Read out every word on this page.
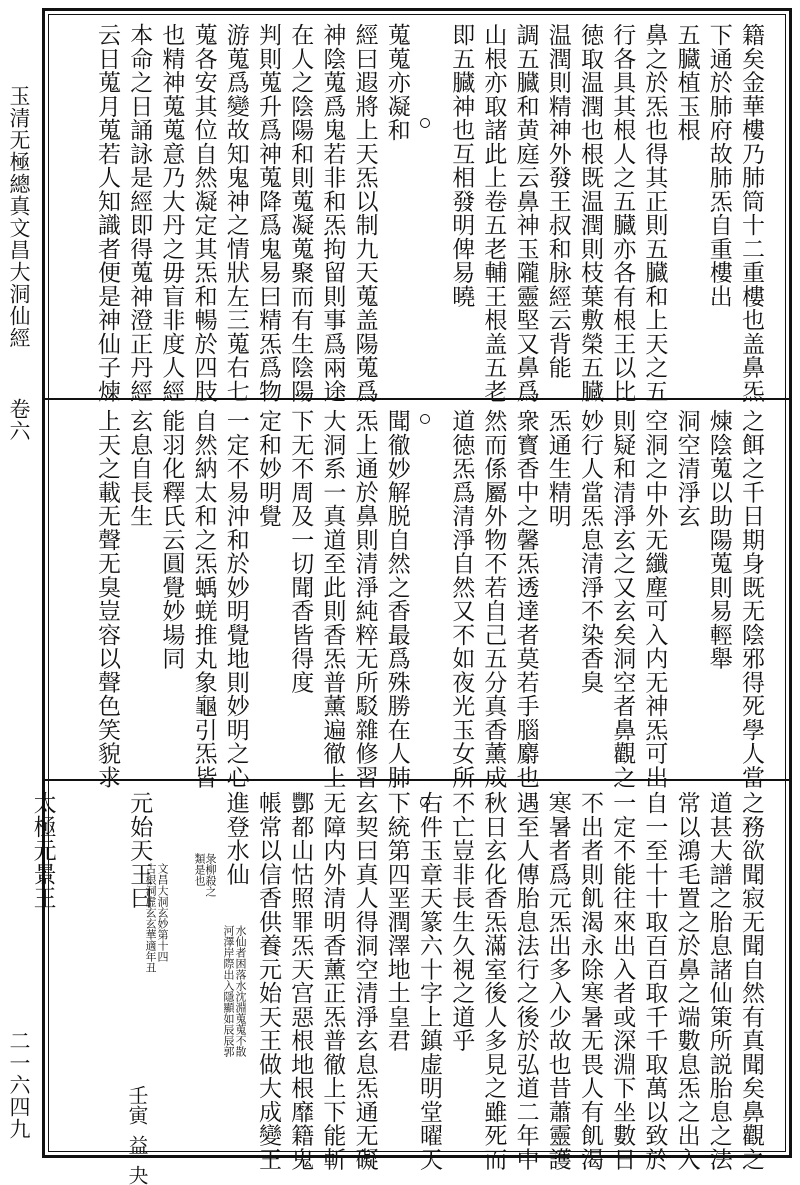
玉清无極總真文昌大洞仙經
卷六
二一六四九
籍矣金華樓乃肺筒十二重樓也盖鼻炁
下通於肺府故肺炁自重樓出
五臓植玉根
鼻之於炁也得其正則五臓和上天之五
行各具其根人之五臓亦各有根王以比
徳取温潤也根既温潤則枝葉敷榮五臓
温潤則精神外發王叔和脉經云背能
調五臓和黄庭云鼻神玉隴靈堅又鼻爲
山根亦取諸此上卷五老輔王根盖五老
即五臓神也互相發明俾易曉
蒐蒐亦凝和
經曰遐將上天炁以制九天蒐盖陽蒐爲
神陰蒐爲鬼若非和炁拘留則事爲兩途
在人之陰陽和則蒐凝蒐聚而有生陰陽
判則蒐升爲神蒐降爲鬼易曰精炁爲物
游蒐爲變故知鬼神之情狀左三蒐右七
蒐各安其位自然凝定其炁和暢於四肢
也精神蒐蒐意乃大丹之毋盲非度人經
本命之日誦詠是經即得蒐神澄正丹經
云日蒐月蒐若人知識者便是神仙子煉
之餌之千日期身既无陰邪得死學人當
煉陰蒐以助陽蒐則易輕舉
洞空清淨玄
空洞之中外无纖塵可入内无神炁可出
則疑和清淨玄之又玄矣洞空者鼻觀之
妙行人當炁息清淨不染香臭
炁通生精明
衆寳香中之馨炁透達者莫若手腦麝也
然而係屬外物不若自己五分真香薰成
道徳炁爲清淨自然又不如夜光玉女所
聞徹妙解脱自然之香最爲殊勝在人肺
炁上通於鼻則清淨純粹无所駁雜修習
大洞系一真道至此則香炁普薰遍徹上
下无不周及一切聞香皆得度
定和妙明覺
一定不易沖和於妙明覺地則妙明之心
自然納太和之炁蝺蜣推丸象龜引炁皆
能羽化釋氏云圓覺妙場同
玄息自長生
上天之載无聲无臭豈容以聲色笑貌求
之務欲聞寂无聞自然有真聞矣鼻觀之
道甚大譜之胎息諸仙䇿所説胎息之法
常以鴻毛置之於鼻之端數息炁之出入
自一至十十取百百取千千取萬以致於
一定不能往來出入者或深淵下坐數日
不出者則飢渴永除寒暑无畏人有飢渴
寒暑者爲元炁出多入少故也昔蕭靈護
遇至人傳胎息法行之後於弘道二年中
秋日玄化香炁滿室後人多見之雖死而
不亡豈非長生久視之道乎
右件玉章天篆六十字上鎮虚明堂曜天
下統第四垩潤澤地土皇君
玄契曰真人得洞空清淨玄息炁通无礙
无障内外清明香薰正炁普徹上下能斬
酆都山怙照罪炁天宫惡根地根靡籍鬼
帳常以信香供養元始天王做大成變王
進登水仙
元始天王曰
太極元景王
水仙者困落水沈淵蒐蒐不散
河澤岸際出入隱顯如辰辰郭
彔柳殺之
類是也
文昌大洞玄妙第十四
古根洞虚玄玄華適年丑
壬寅
益
夬
